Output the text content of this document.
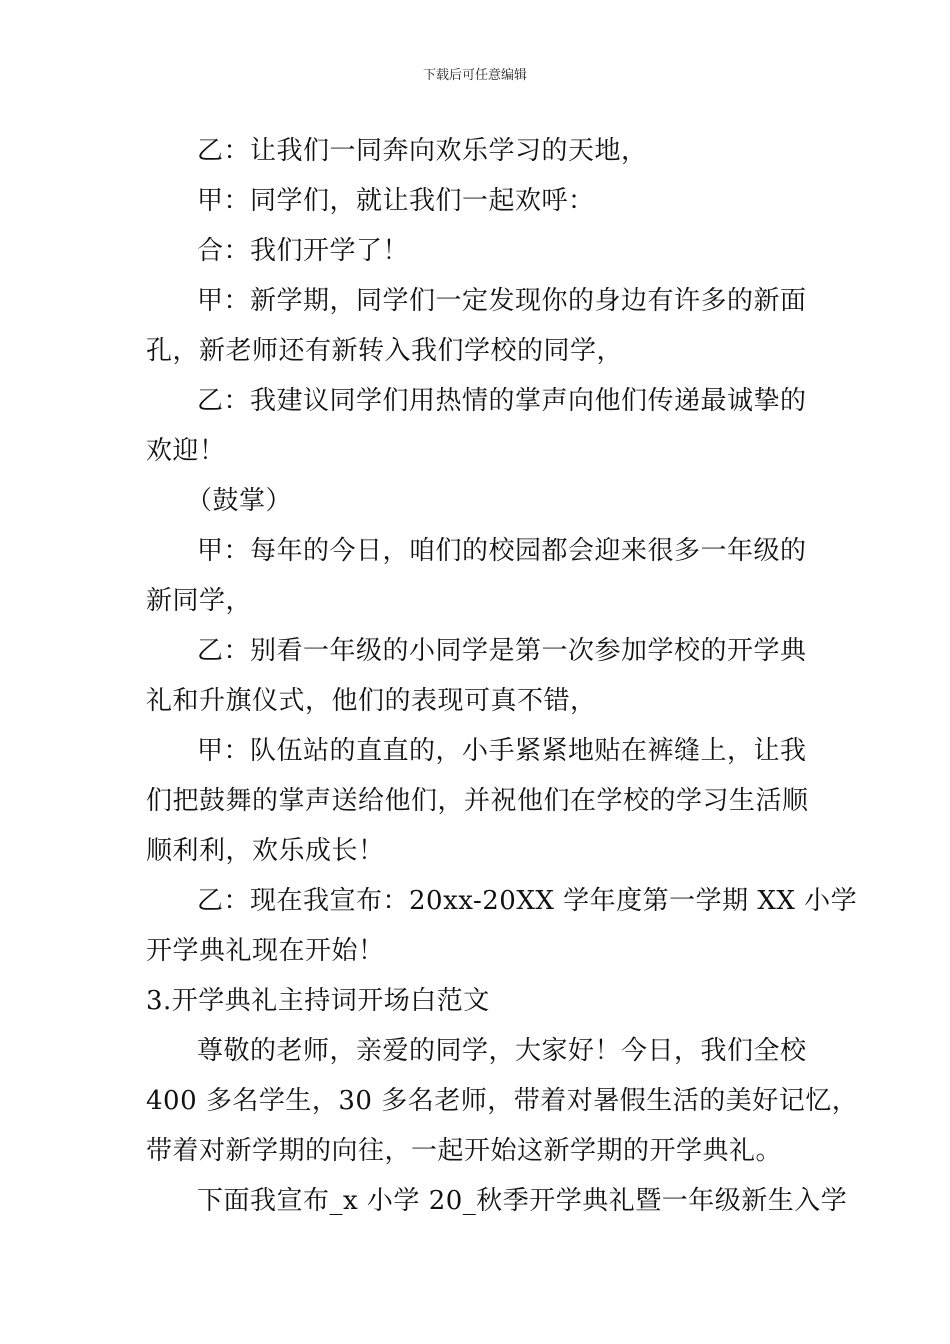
下载后可任意编辑
乙：让我们一同奔向欢乐学习的天地，
甲：同学们，就让我们一起欢呼：
合：我们开学了！
甲：新学期，同学们一定发现你的身边有许多的新面
孔，新老师还有新转入我们学校的同学，
乙：我建议同学们用热情的掌声向他们传递最诚挚的
欢迎！
（鼓掌）
甲：每年的今日，咱们的校园都会迎来很多一年级的
新同学，
乙：别看一年级的小同学是第一次参加学校的开学典
礼和升旗仪式，他们的表现可真不错，
甲：队伍站的直直的，小手紧紧地贴在裤缝上，让我
们把鼓舞的掌声送给他们，并祝他们在学校的学习生活顺
顺利利，欢乐成长！
乙：现在我宣布：20xx-20XX 学年度第一学期 XX 小学
开学典礼现在开始！
3.开学典礼主持词开场白范文
尊敬的老师，亲爱的同学，大家好！今日，我们全校
400 多名学生，30 多名老师，带着对暑假生活的美好记忆，
带着对新学期的向往，一起开始这新学期的开学典礼。
下面我宣布_x 小学 20_秋季开学典礼暨一年级新生入学
